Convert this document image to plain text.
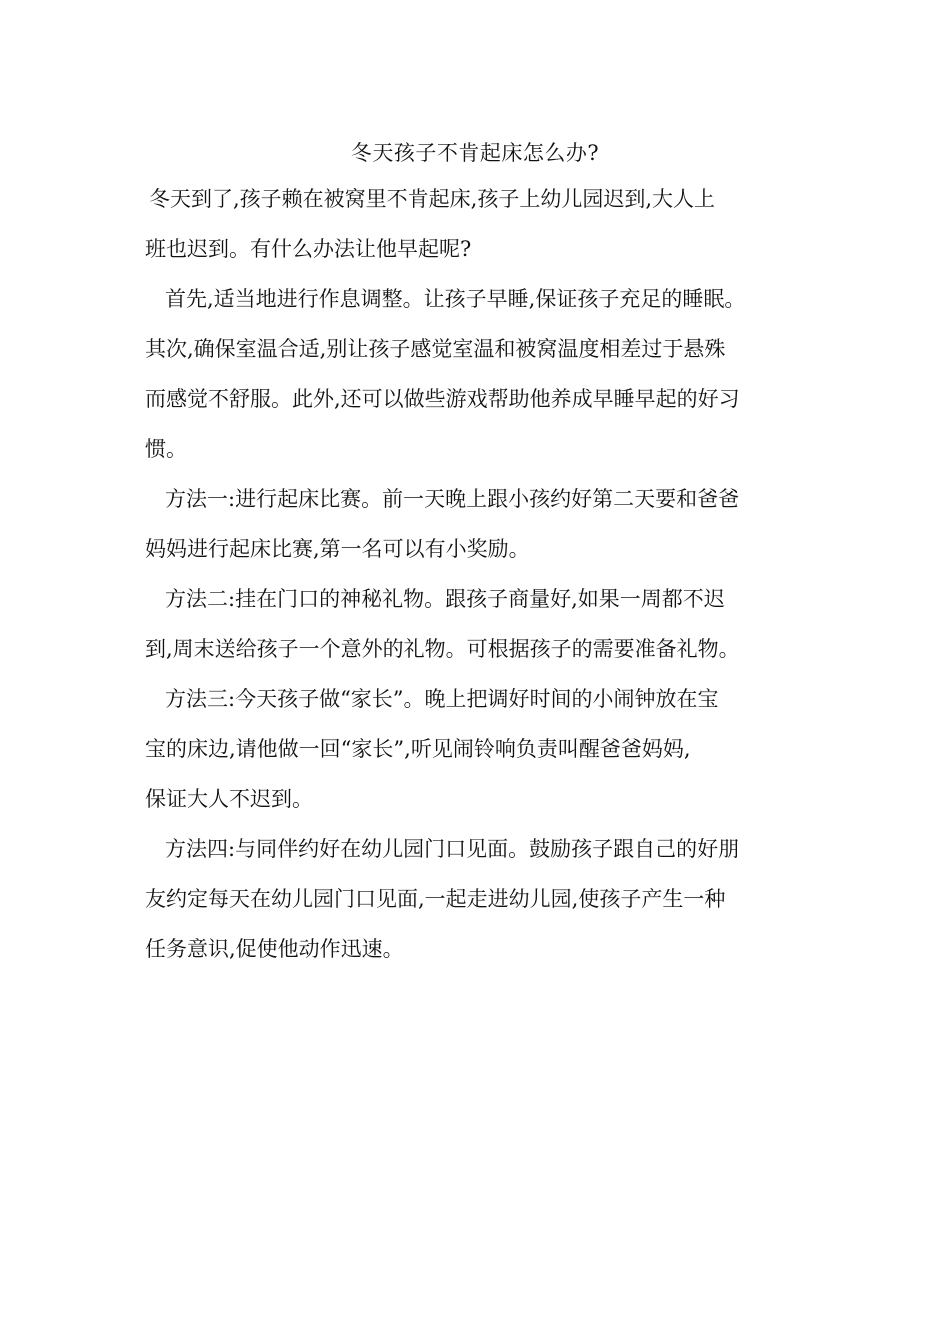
冬天孩子不肯起床怎么办?
冬天到了,孩子赖在被窝里不肯起床,孩子上幼儿园迟到,大人上
班也迟到。有什么办法让他早起呢?
首先,适当地进行作息调整。让孩子早睡,保证孩子充足的睡眠。
其次,确保室温合适,别让孩子感觉室温和被窝温度相差过于悬殊
而感觉不舒服。此外,还可以做些游戏帮助他养成早睡早起的好习
惯。
方法一:进行起床比赛。前一天晚上跟小孩约好第二天要和爸爸
妈妈进行起床比赛,第一名可以有小奖励。
方法二:挂在门口的神秘礼物。跟孩子商量好,如果一周都不迟
到,周末送给孩子一个意外的礼物。可根据孩子的需要准备礼物。
方法三:今天孩子做“家长”。晚上把调好时间的小闹钟放在宝
宝的床边,请他做一回“家长”,听见闹铃响负责叫醒爸爸妈妈,
保证大人不迟到。
方法四:与同伴约好在幼儿园门口见面。鼓励孩子跟自己的好朋
友约定每天在幼儿园门口见面,一起走进幼儿园,使孩子产生一种
任务意识,促使他动作迅速。
